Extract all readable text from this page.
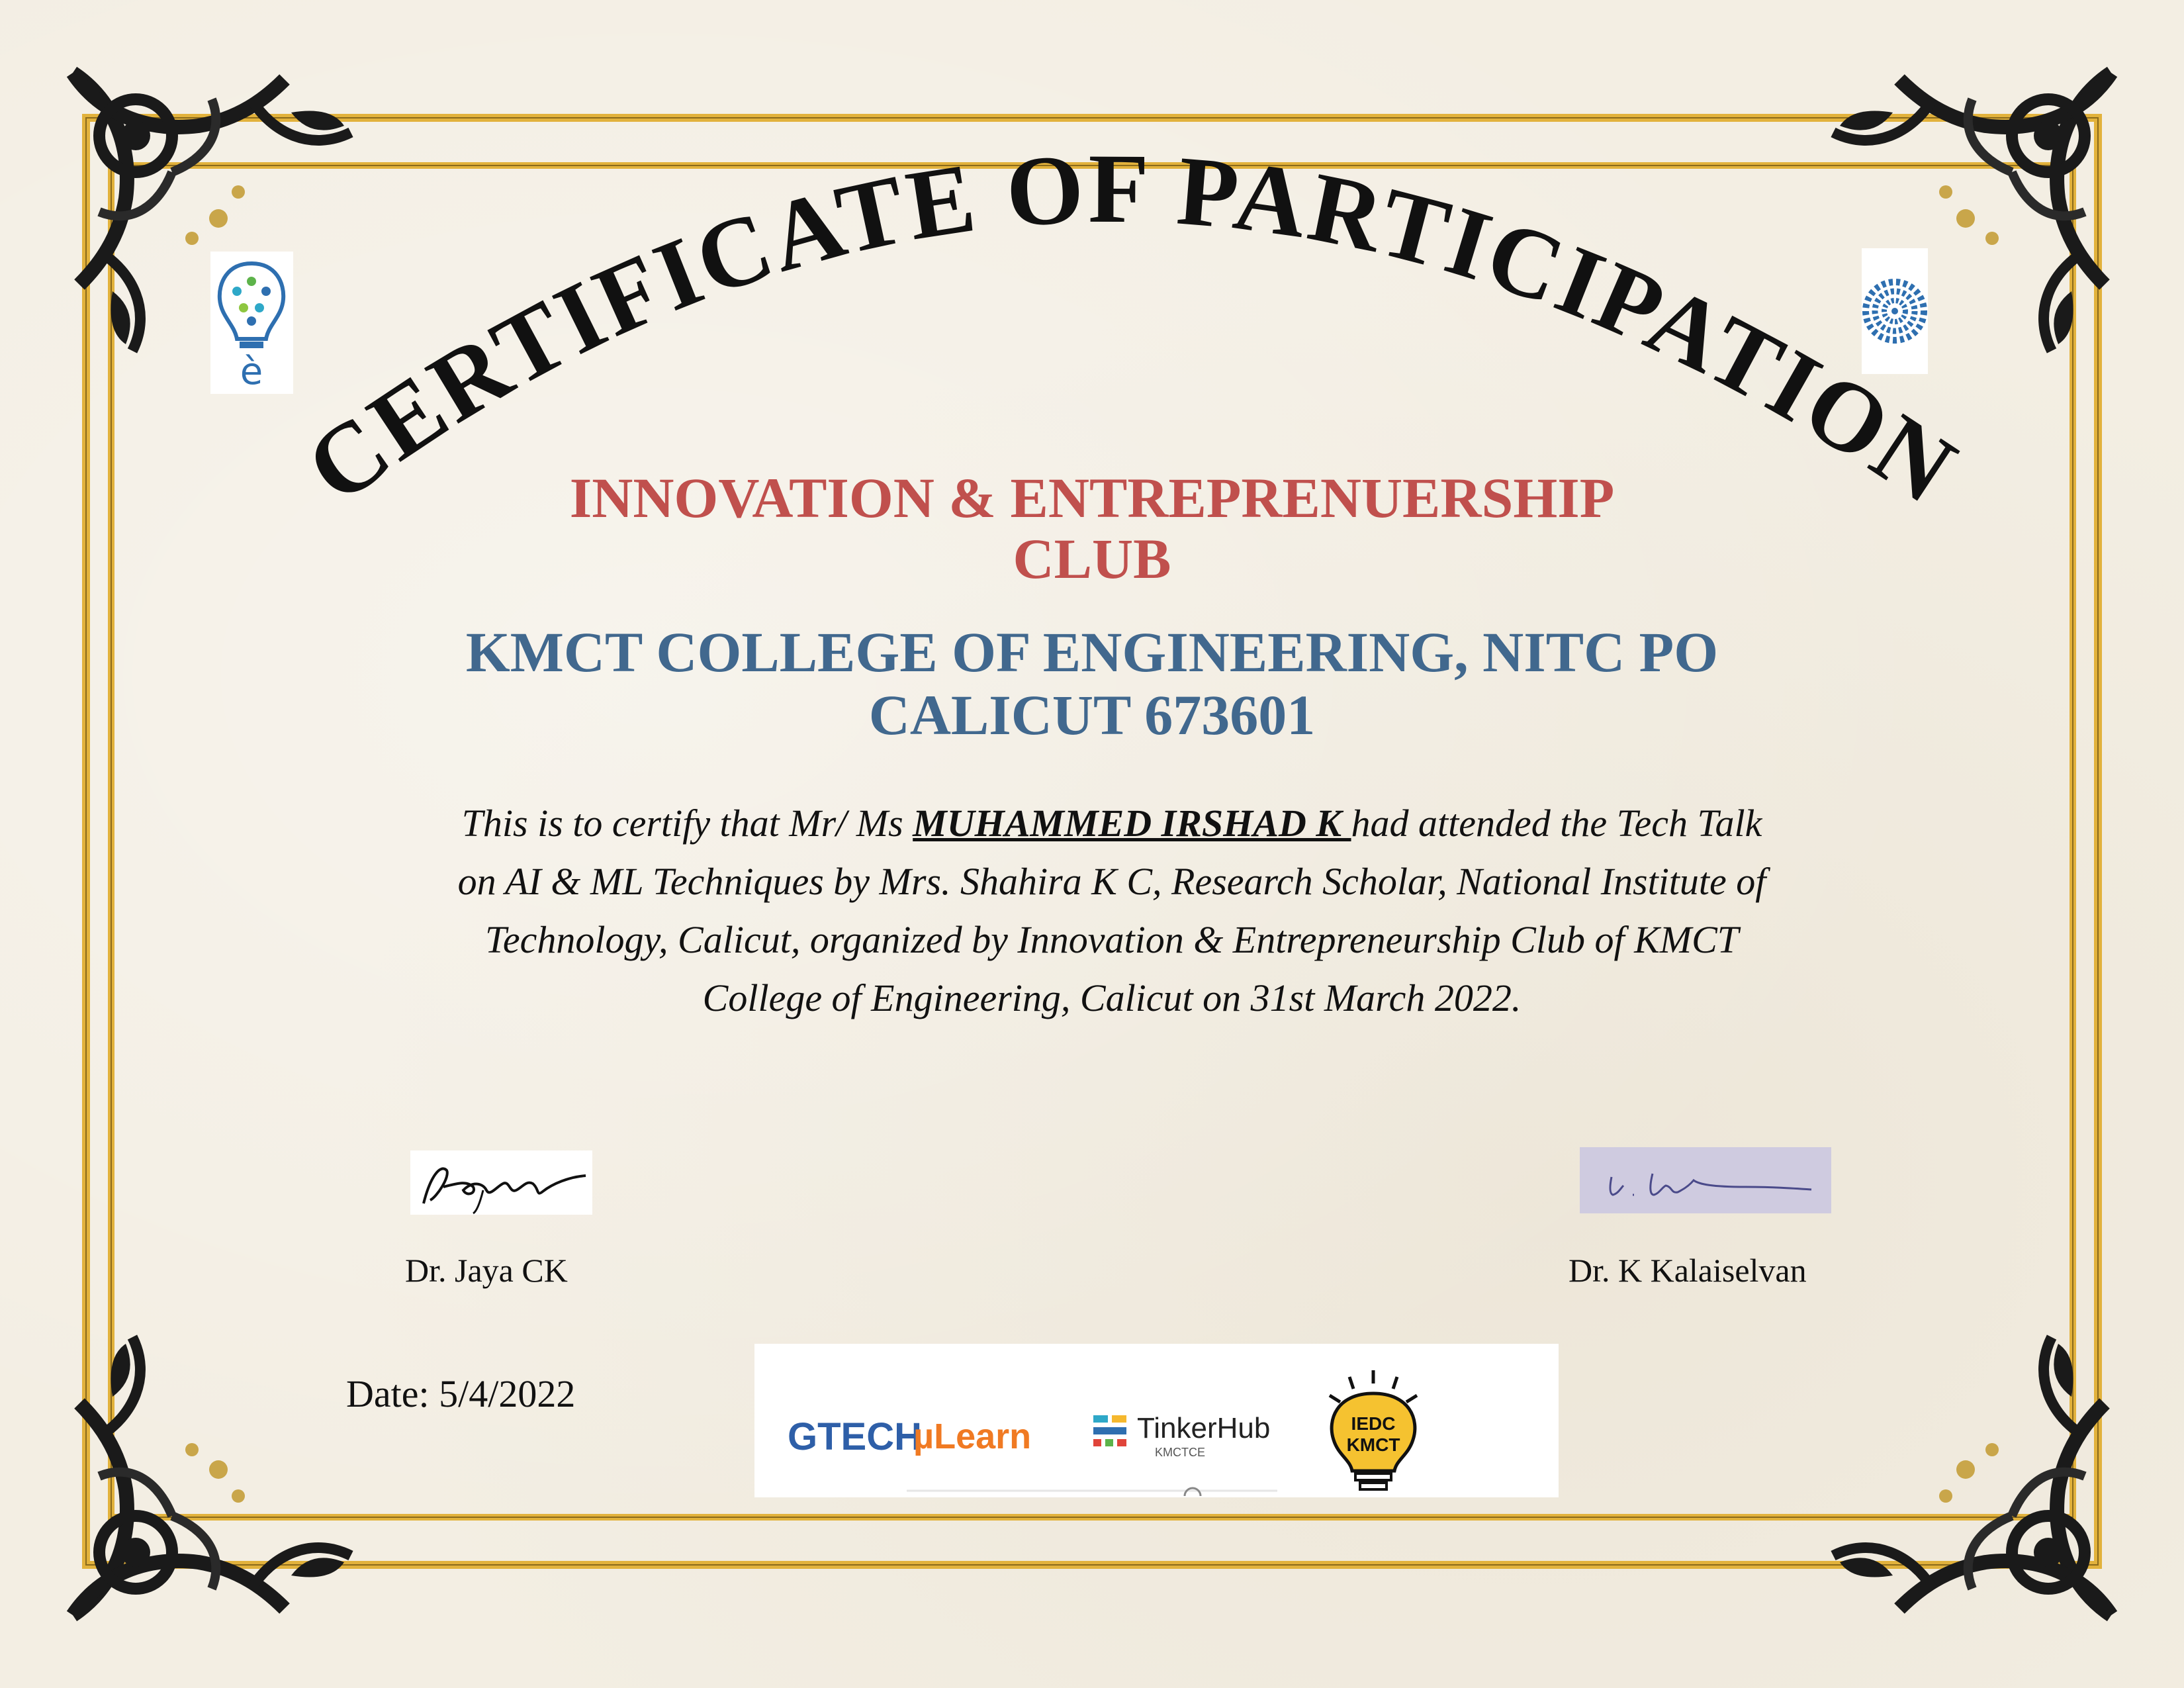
è
CERTIFICATE OF PARTICIPATION
INNOVATION & ENTREPRENUERSHIP
CLUB
KMCT COLLEGE OF ENGINEERING, NITC PO
CALICUT 673601
This is to certify that Mr/ Ms MUHAMMED IRSHAD K had attended the Tech Talk
on AI & ML Techniques by Mrs. Shahira K C, Research Scholar, National Institute of
Technology, Calicut, organized by Innovation & Entrepreneurship Club of KMCT
College of Engineering, Calicut on 31st March 2022.
Dr. Jaya CK	Dr. K Kalaiselvan
Date: 5/4/2022
GTECH
µLearn	TinkerHub
KMCTCE
IEDC
KMCT
